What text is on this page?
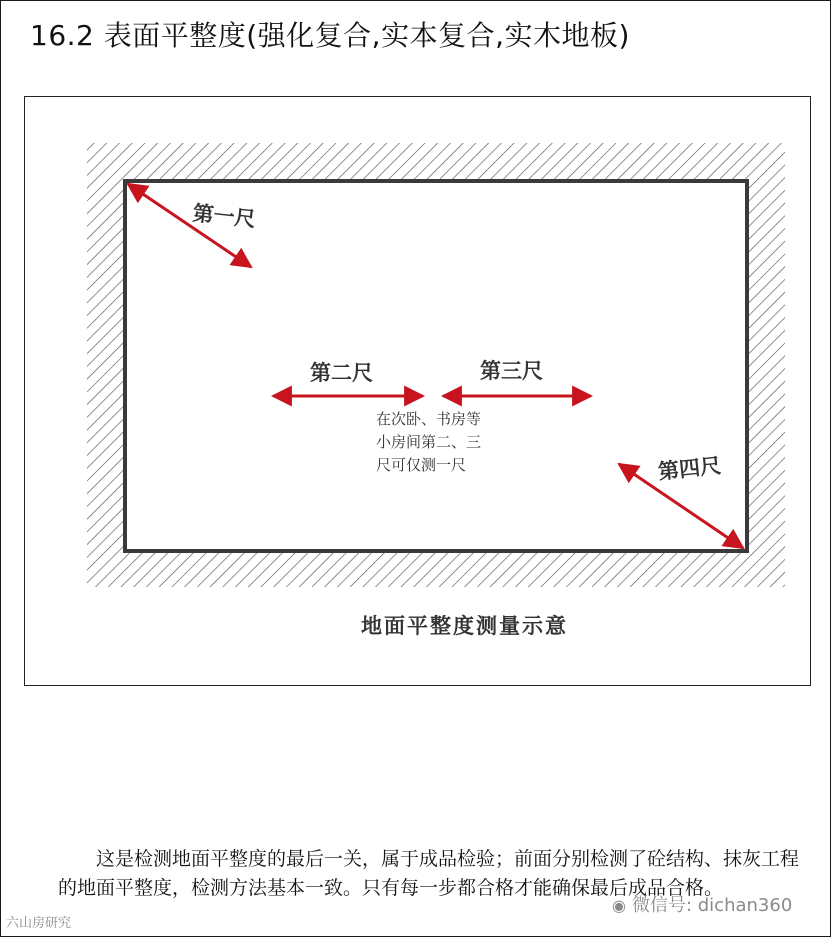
16.2 表面平整度(强化复合,实本复合,实木地板)
第一尺
第二尺	第三尺
第四尺
在次卧、书房等
小房间第二、三
尺可仅测一尺
地面平整度测量示意

这是检测地面平整度的最后一关，属于成品检验；前面分别检测了砼结构、抹灰工程的地面平整度，检测方法基本一致。只有每一步都合格才能确保最后成品合格。

六山房研究
◉ 微信号: dichan360
